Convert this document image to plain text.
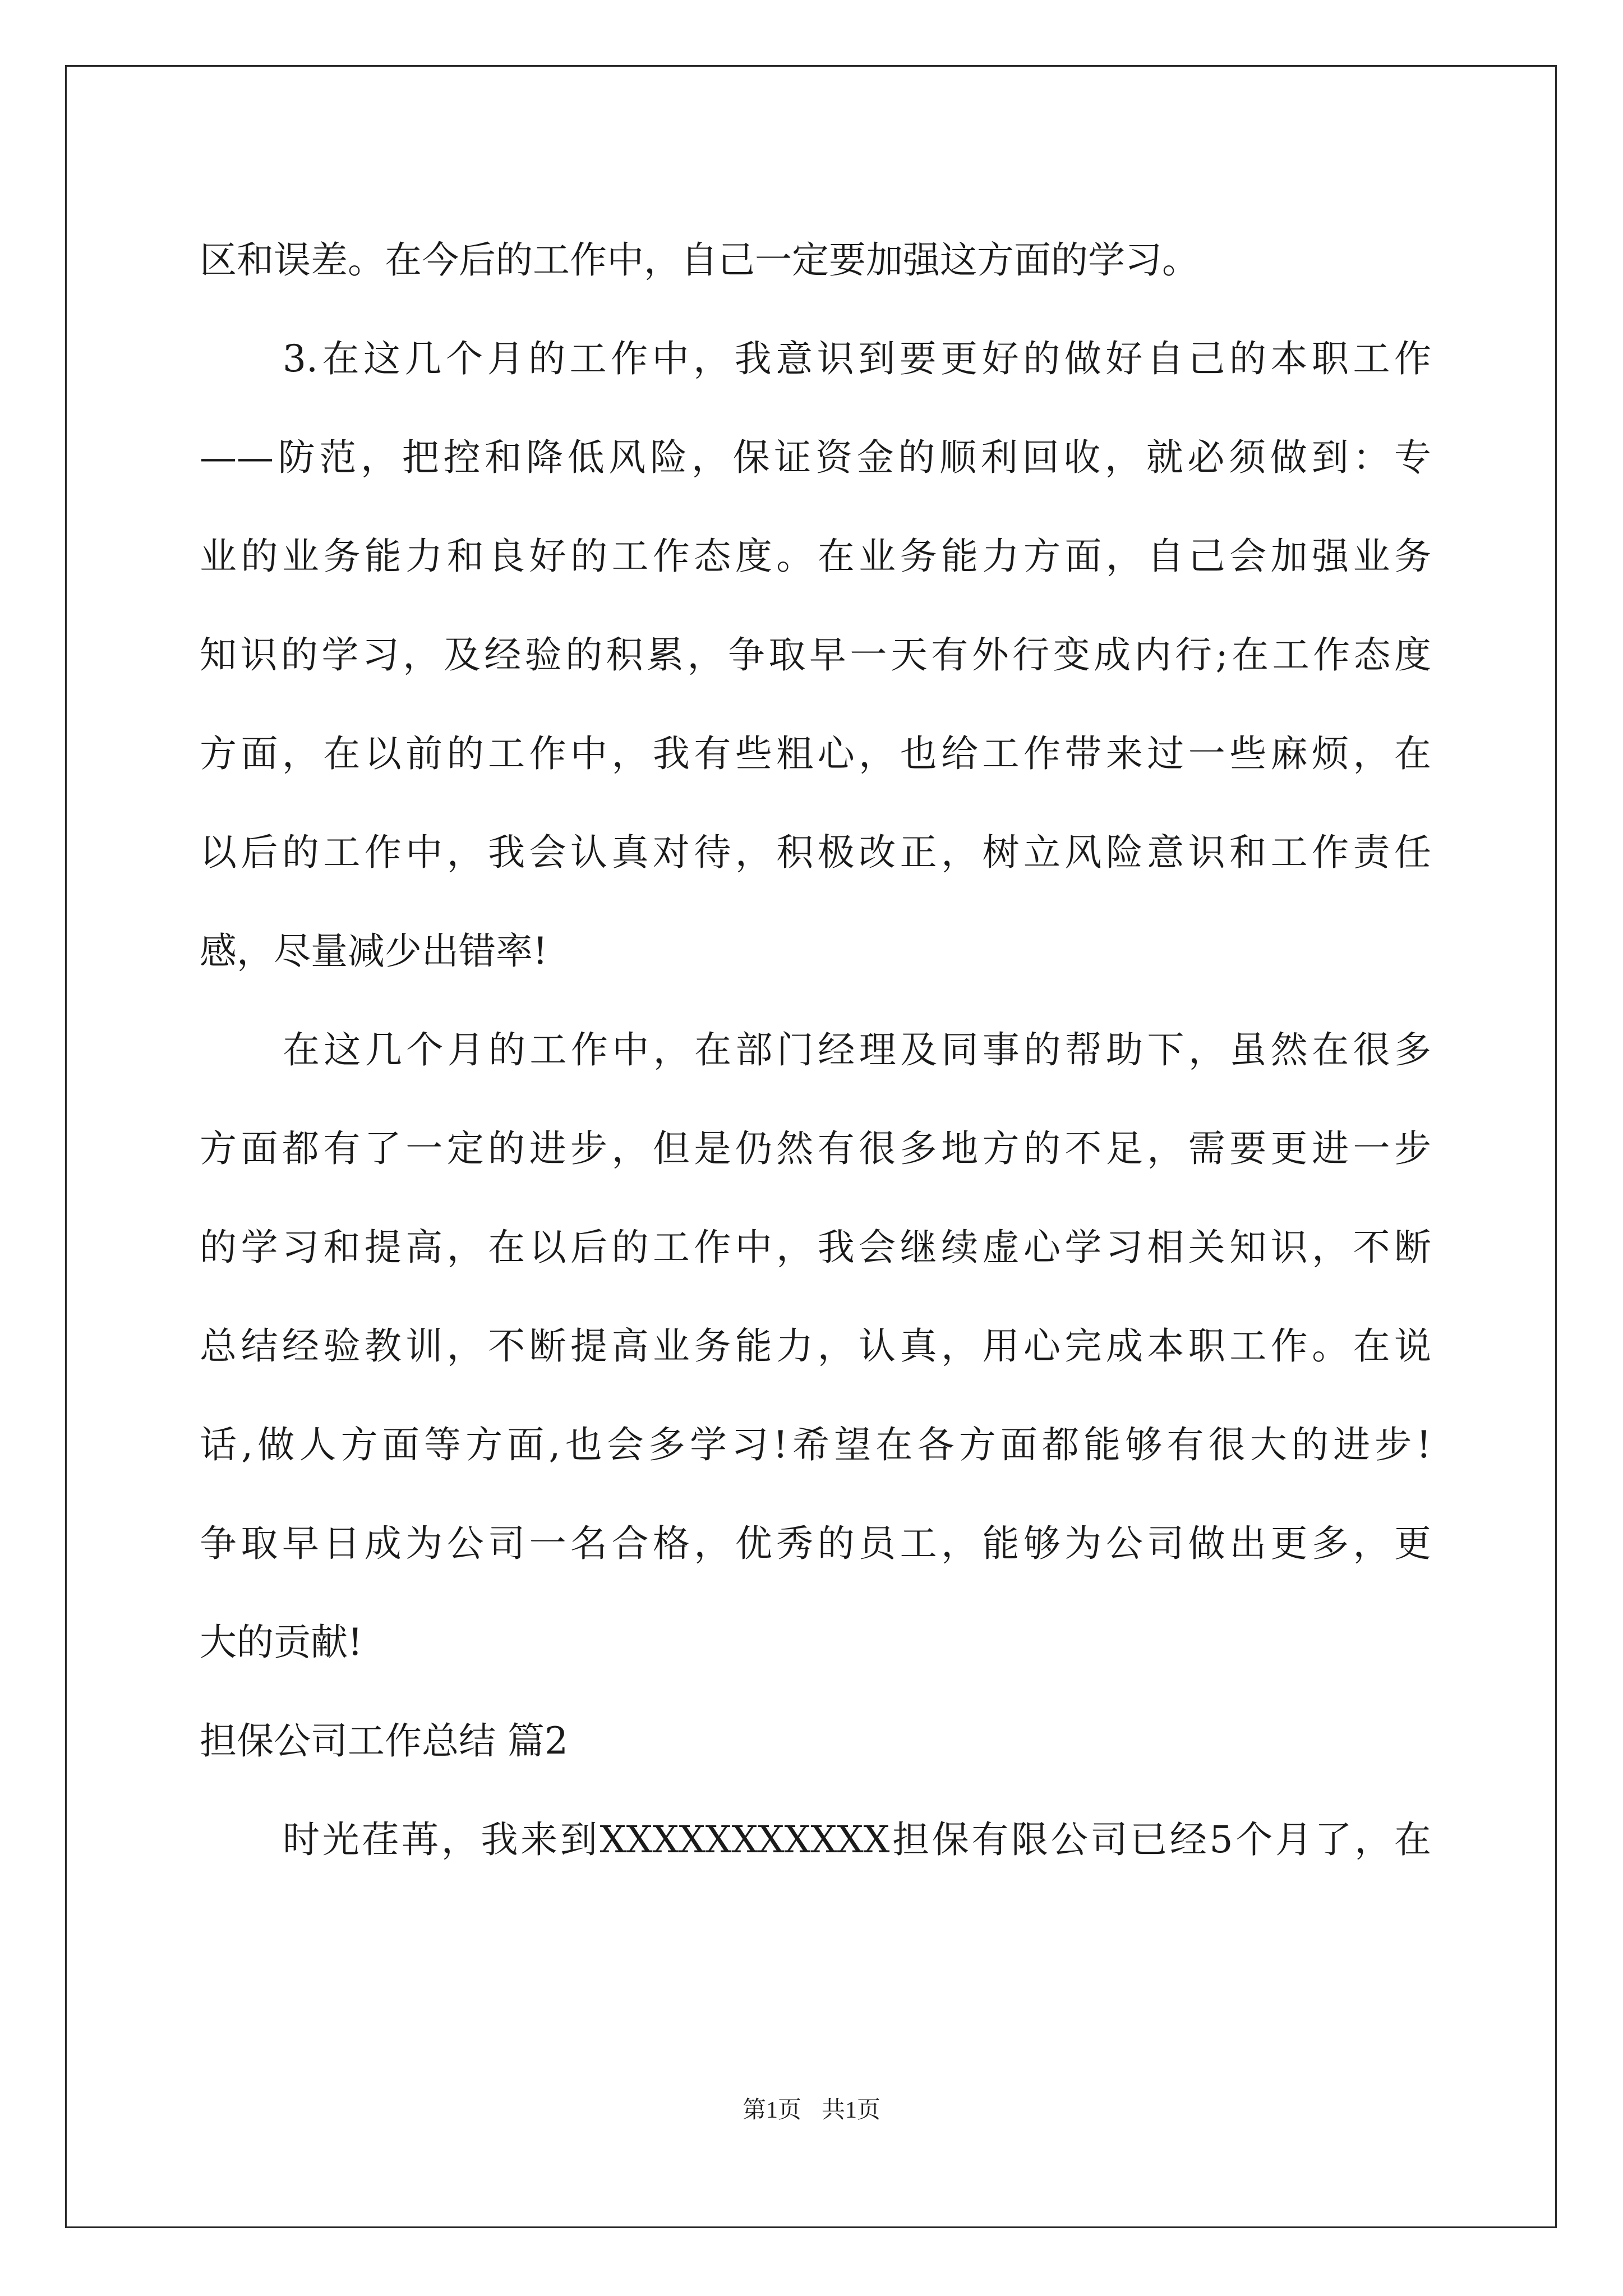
区和误差。在今后的工作中，自己一定要加强这方面的学习。
3.在这几个月的工作中，我意识到要更好的做好自己的本职工作
——防范，把控和降低风险，保证资金的顺利回收，就必须做到：专
业的业务能力和良好的工作态度。在业务能力方面，自己会加强业务
知识的学习，及经验的积累，争取早一天有外行变成内行;在工作态度
方面，在以前的工作中，我有些粗心，也给工作带来过一些麻烦，在
以后的工作中，我会认真对待，积极改正，树立风险意识和工作责任
感，尽量减少出错率!
在这几个月的工作中，在部门经理及同事的帮助下，虽然在很多
方面都有了一定的进步，但是仍然有很多地方的不足，需要更进一步
的学习和提高，在以后的工作中，我会继续虚心学习相关知识，不断
总结经验教训，不断提高业务能力，认真，用心完成本职工作。在说
话,做人方面等方面,也会多学习!希望在各方面都能够有很大的进步!
争取早日成为公司一名合格，优秀的员工，能够为公司做出更多，更
大的贡献!
担保公司工作总结 篇2
时光荏苒，我来到XXXXXXXXXXX担保有限公司已经5个月了，在
第1页 共1页
